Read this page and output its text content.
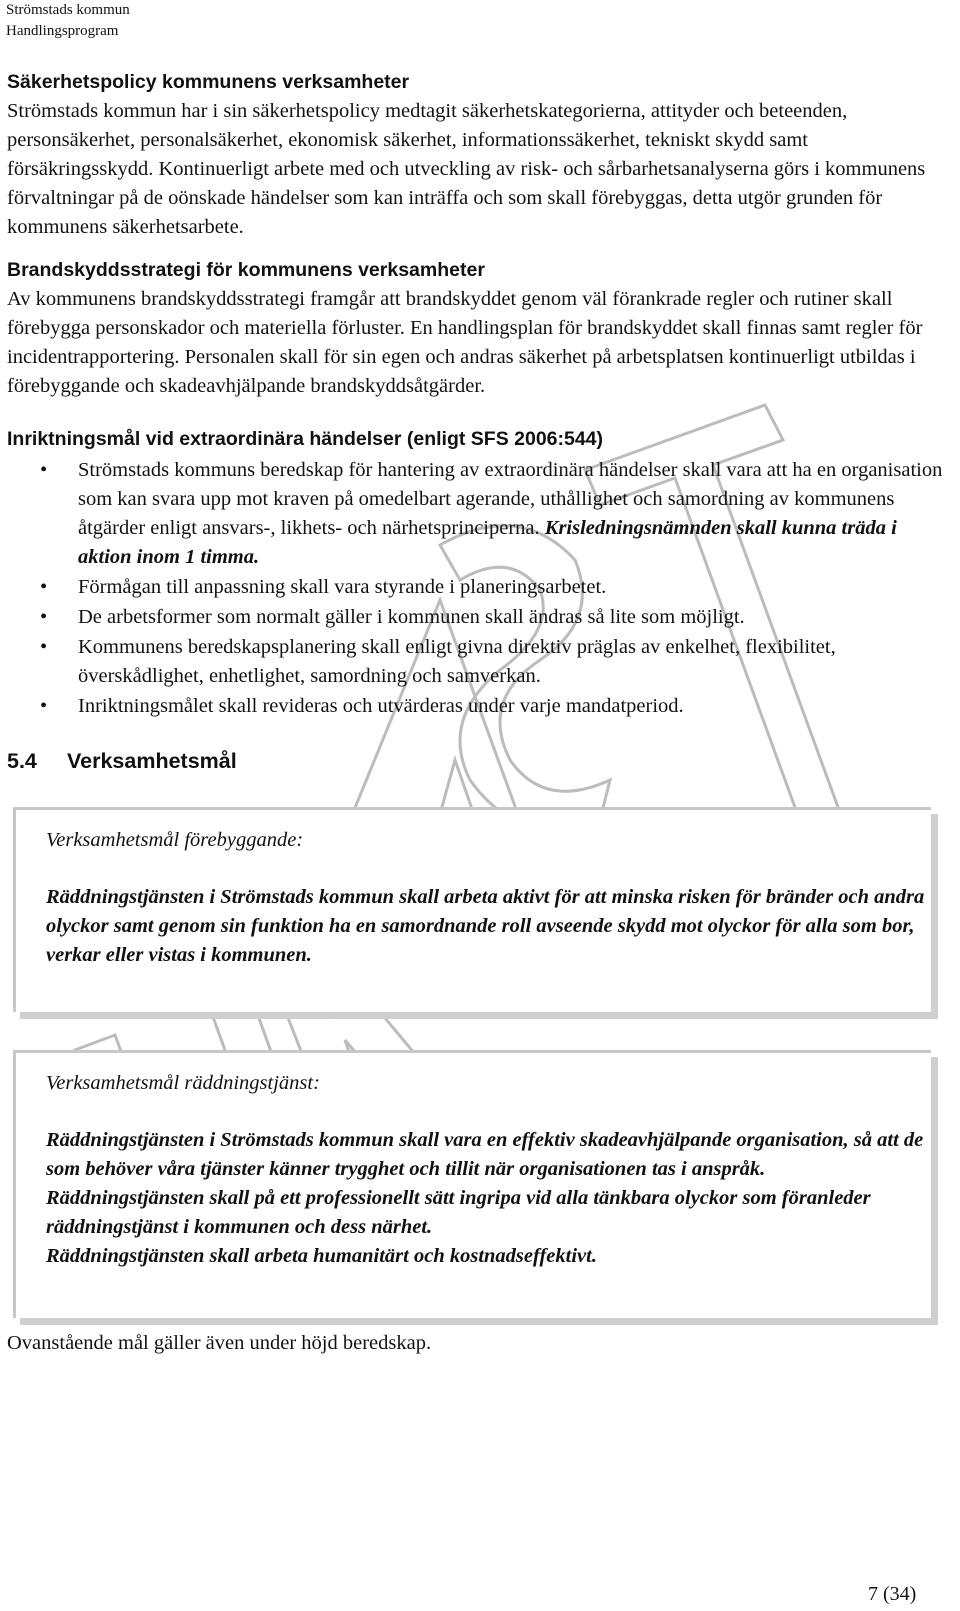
Strömstads kommun
Handlingsprogram
Säkerhetspolicy kommunens verksamheter

Strömstads kommun har i sin säkerhetspolicy medtagit säkerhetskategorierna, attityder och beteenden, personsäkerhet, personalsäkerhet, ekonomisk säkerhet, informationssäkerhet, tekniskt skydd samt försäkringsskydd. Kontinuerligt arbete med och utveckling av risk- och sårbarhetsanalyserna görs i kommunens förvaltningar på de oönskade händelser som kan inträffa och som skall förebyggas, detta utgör grunden för kommunens säkerhetsarbete.

Brandskyddsstrategi för kommunens verksamheter

Av kommunens brandskyddsstrategi framgår att brandskyddet genom väl förankrade regler och rutiner skall förebygga personskador och materiella förluster. En handlingsplan för brandskyddet skall finnas samt regler för incidentrapportering. Personalen skall för sin egen och andras säkerhet på arbetsplatsen kontinuerligt utbildas i förebyggande och skadeavhjälpande brandskyddsåtgärder.

Inriktningsmål vid extraordinära händelser (enligt SFS 2006:544)
• Strömstads kommuns beredskap för hantering av extraordinära händelser skall vara att ha en organisation som kan svara upp mot kraven på omedelbart agerande, uthållighet och samordning av kommunens åtgärder enligt ansvars-, likhets- och närhetsprinciperna. Krisledningsnämnden skall kunna träda i aktion inom 1 timma.
• Förmågan till anpassning skall vara styrande i planeringsarbetet.
• De arbetsformer som normalt gäller i kommunen skall ändras så lite som möjligt.
• Kommunens beredskapsplanering skall enligt givna direktiv präglas av enkelhet, flexibilitet, överskådlighet, enhetlighet, samordning och samverkan.
• Inriktningsmålet skall revideras och utvärderas under varje mandatperiod.
5.4 Verksamhetsmål

Verksamhetsmål förebyggande:

Räddningstjänsten i Strömstads kommun skall arbeta aktivt för att minska risken för bränder och andra olyckor samt genom sin funktion ha en samordnande roll avseende skydd mot olyckor för alla som bor, verkar eller vistas i kommunen.

Verksamhetsmål räddningstjänst:

Räddningstjänsten i Strömstads kommun skall vara en effektiv skadeavhjälpande organisation, så att de som behöver våra tjänster känner trygghet och tillit när organisationen tas i anspråk.

Räddningstjänsten skall på ett professionellt sätt ingripa vid alla tänkbara olyckor som föranleder räddningstjänst i kommunen och dess närhet.

Räddningstjänsten skall arbeta humanitärt och kostnadseffektivt.

Ovanstående mål gäller även under höjd beredskap.

7 (34)
